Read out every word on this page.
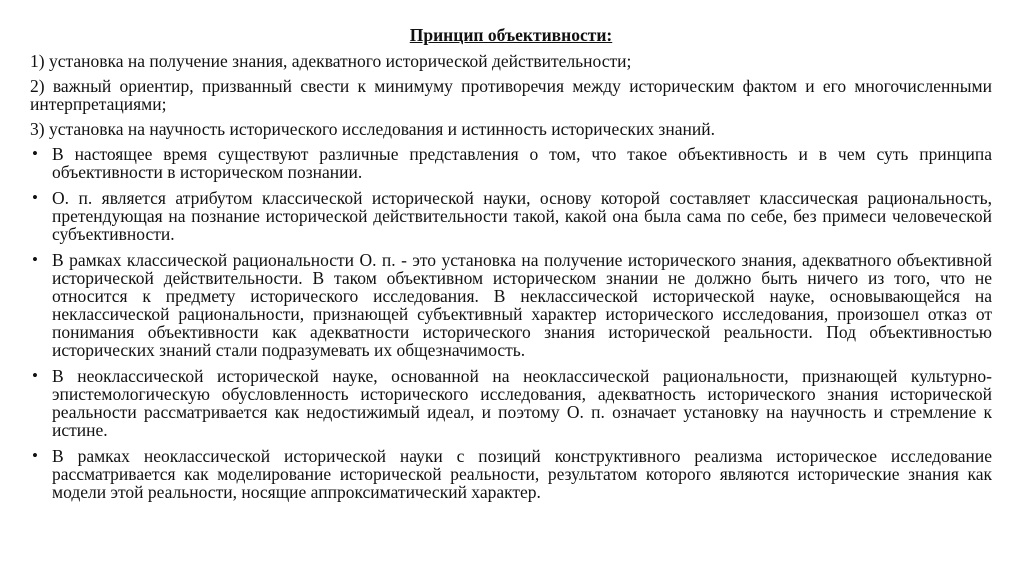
Принцип объективности:
1) установка на получение знания, адекватного исторической действительности;
2) важный ориентир, призванный свести к минимуму противоречия между историческим фактом и его многочисленными интерпретациями;
3) установка на научность исторического исследования и истинность исторических знаний.
• В настоящее время существуют различные представления о том, что такое объективность и в чем суть принципа объективности в историческом познании.
• О. п. является атрибутом классической исторической науки, основу которой составляет классическая рациональность, претендующая на познание исторической действительности такой, какой она была сама по себе, без примеси человеческой субъективности.
• В рамках классической рациональности О. п. - это установка на получение исторического знания, адекватного объективной исторической действительности. В таком объективном историческом знании не должно быть ничего из того, что не относится к предмету исторического исследования. В неклассической исторической науке, основывающейся на неклассической рациональности, признающей субъективный характер исторического исследования, произошел отказ от понимания объективности как адекватности исторического знания исторической реальности. Под объективностью исторических знаний стали подразумевать их общезначимость.
• В неоклассической исторической науке, основанной на неоклассической рациональности, признающей культурно-эпистемологическую обусловленность исторического исследования, адекватность исторического знания исторической реальности рассматривается как недостижимый идеал, и поэтому О. п. означает установку на научность и стремление к истине.
• В рамках неоклассической исторической науки с позиций конструктивного реализма историческое исследование рассматривается как моделирование исторической реальности, результатом которого являются исторические знания как модели этой реальности, носящие аппроксиматический характер.
